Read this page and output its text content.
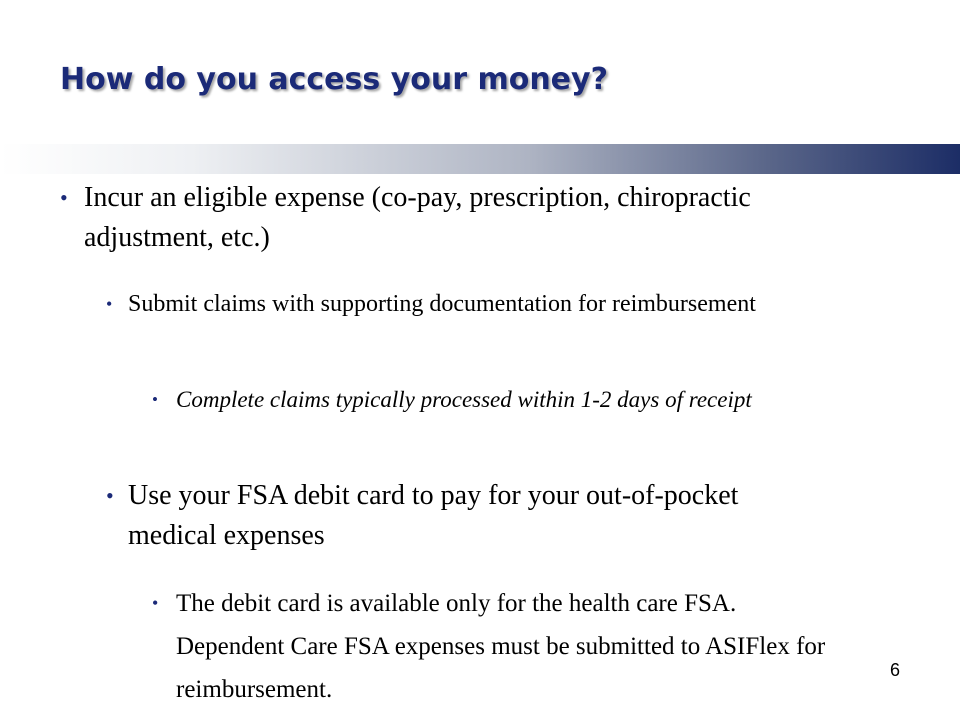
How do you access your money?
• Incur an eligible expense (co-pay, prescription, chiropractic adjustment, etc.)
• Submit claims with supporting documentation for reimbursement
• Complete claims typically processed within 1-2 days of receipt
• Use your FSA debit card to pay for your out-of-pocket medical expenses
• The debit card is available only for the health care FSA. Dependent Care FSA expenses must be submitted to ASIFlex for reimbursement.
6
